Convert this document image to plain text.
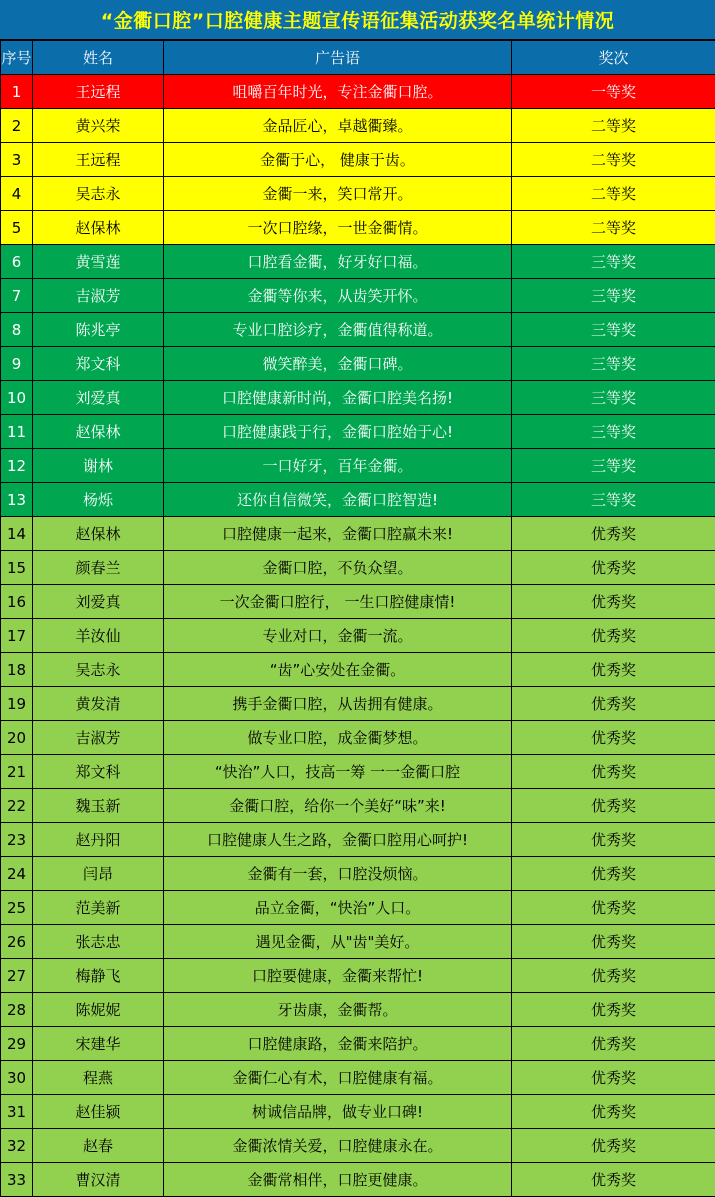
“金衢口腔”口腔健康主题宣传语征集活动获奖名单统计情况
序号	姓名	广告语	奖次
1	王远程	咀嚼百年时光，专注金衢口腔。	一等奖
2	黄兴荣	金品匠心，卓越衢臻。	二等奖
3	王远程	金衢于心， 健康于齿。	二等奖
4	吴志永	金衢一来，笑口常开。	二等奖
5	赵保林	一次口腔缘，一世金衢情。	二等奖
6	黄雪莲	口腔看金衢，好牙好口福。	三等奖
7	吉淑芳	金衢等你来，从齿笑开怀。	三等奖
8	陈兆亭	专业口腔诊疗，金衢值得称道。	三等奖
9	郑文科	微笑醉美，金衢口碑。	三等奖
10	刘爱真	口腔健康新时尚，金衢口腔美名扬!	三等奖
11	赵保林	口腔健康践于行，金衢口腔始于心!	三等奖
12	谢林	一口好牙，百年金衢。	三等奖
13	杨烁	还你自信微笑，金衢口腔智造!	三等奖
14	赵保林	口腔健康一起来，金衢口腔赢未来!	优秀奖
15	颜春兰	金衢口腔，不负众望。	优秀奖
16	刘爱真	一次金衢口腔行， 一生口腔健康情!	优秀奖
17	羊汝仙	专业对口，金衢一流。	优秀奖
18	吴志永	“齿”心安处在金衢。	优秀奖
19	黄发清	携手金衢口腔，从齿拥有健康。	优秀奖
20	吉淑芳	做专业口腔，成金衢梦想。	优秀奖
21	郑文科	“快治”人口，技高一筹 一一金衢口腔	优秀奖
22	魏玉新	金衢口腔，给你一个美好“味”来!	优秀奖
23	赵丹阳	口腔健康人生之路，金衢口腔用心呵护!	优秀奖
24	闫昂	金衢有一套，口腔没烦恼。	优秀奖
25	范美新	品立金衢，“快治”人口。	优秀奖
26	张志忠	遇见金衢，从"齿"美好。	优秀奖
27	梅静飞	口腔要健康，金衢来帮忙!	优秀奖
28	陈妮妮	牙齿康，金衢帮。	优秀奖
29	宋建华	口腔健康路，金衢来陪护。	优秀奖
30	程燕	金衢仁心有术，口腔健康有福。	优秀奖
31	赵佳颍	树诚信品牌，做专业口碑!	优秀奖
32	赵春	金衢浓情关爱，口腔健康永在。	优秀奖
33	曹汉清	金衢常相伴，口腔更健康。	优秀奖
